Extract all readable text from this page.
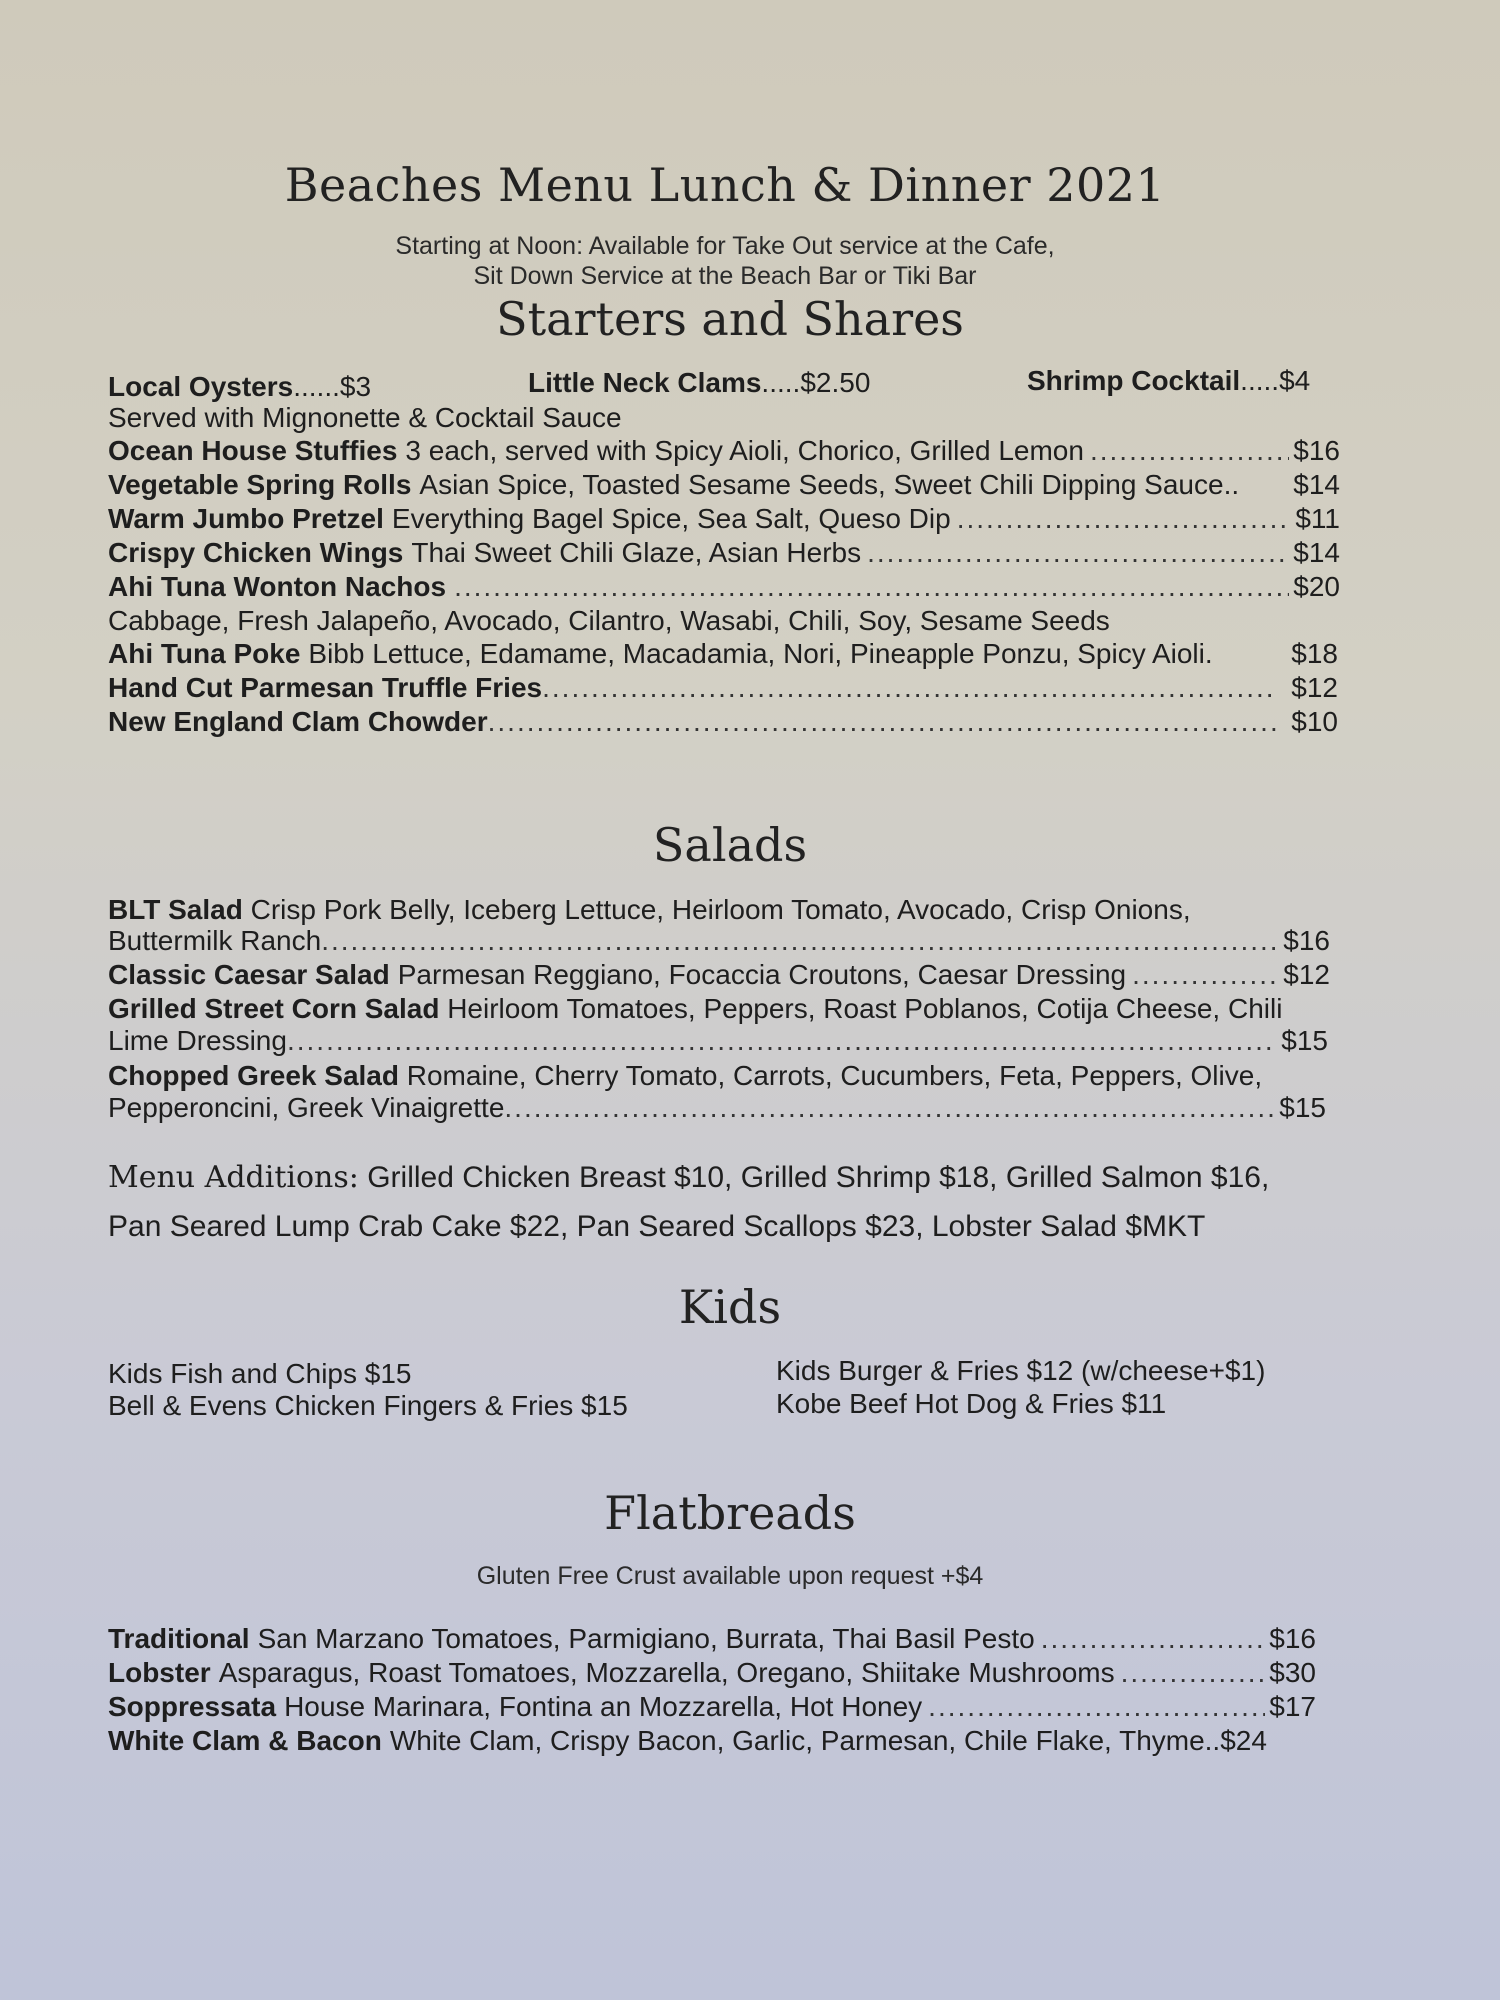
Beaches Menu Lunch & Dinner 2021
Starting at Noon: Available for Take Out service at the Cafe,
Sit Down Service at the Beach Bar or Tiki Bar
Starters and Shares
Local Oysters......$3	Little Neck Clams.....$2.50	Shrimp Cocktail.....$4
Served with Mignonette & Cocktail Sauce
Ocean House Stuffies 3 each, served with Spicy Aioli, Chorico, Grilled Lemon .....	$16
Vegetable Spring Rolls Asian Spice, Toasted Sesame Seeds, Sweet Chili Dipping Sauce.. $14
Warm Jumbo Pretzel Everything Bagel Spice, Sea Salt, Queso Dip .....	$11
Crispy Chicken Wings Thai Sweet Chili Glaze, Asian Herbs .....	$14
Ahi Tuna Wonton Nachos .....	$20
Cabbage, Fresh Jalapeño, Avocado, Cilantro, Wasabi, Chili, Soy, Sesame Seeds
Ahi Tuna Poke Bibb Lettuce, Edamame, Macadamia, Nori, Pineapple Ponzu, Spicy Aioli.	$18
Hand Cut Parmesan Truffle Fries .....	$12
New England Clam Chowder .....	$10
Salads
BLT Salad Crisp Pork Belly, Iceberg Lettuce, Heirloom Tomato, Avocado, Crisp Onions,
Buttermilk Ranch .....	$16
Classic Caesar Salad Parmesan Reggiano, Focaccia Croutons, Caesar Dressing .....	$12
Grilled Street Corn Salad Heirloom Tomatoes, Peppers, Roast Poblanos, Cotija Cheese, Chili
Lime Dressing .....	$15
Chopped Greek Salad Romaine, Cherry Tomato, Carrots, Cucumbers, Feta, Peppers, Olive,
Pepperoncini, Greek Vinaigrette .....	$15
Menu Additions: Grilled Chicken Breast $10, Grilled Shrimp $18, Grilled Salmon $16,
Pan Seared Lump Crab Cake $22, Pan Seared Scallops $23, Lobster Salad $MKT
Kids
Kids Fish and Chips $15
Bell & Evens Chicken Fingers & Fries $15
Kids Burger & Fries $12 (w/cheese+$1)
Kobe Beef Hot Dog & Fries $11
Flatbreads
Gluten Free Crust available upon request +$4
Traditional San Marzano Tomatoes, Parmigiano, Burrata, Thai Basil Pesto .....	$16
Lobster Asparagus, Roast Tomatoes, Mozzarella, Oregano, Shiitake Mushrooms .....	$30
Soppressata House Marinara, Fontina an Mozzarella, Hot Honey .....	$17
White Clam & Bacon White Clam, Crispy Bacon, Garlic, Parmesan, Chile Flake, Thyme.. $24
